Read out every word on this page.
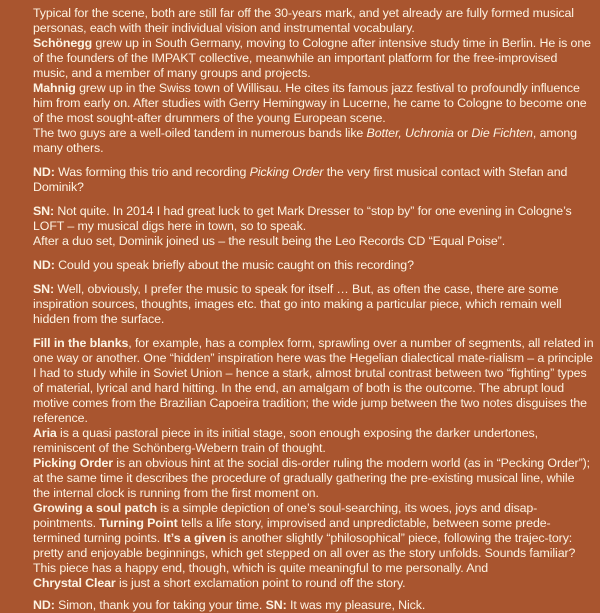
Typical for the scene, both are still far off the 30-years mark, and yet already are fully formed musical personas, each with their individual vision and instrumental vocabulary.
Schönegg grew up in South Germany, moving to Cologne after intensive study time in Berlin. He is one of the founders of the IMPAKT collective, meanwhile an important platform for the free-improvised music, and a member of many groups and projects.
Mahnig grew up in the Swiss town of Willisau. He cites its famous jazz festival to profoundly influence him from early on. After studies with Gerry Hemingway in Lucerne, he came to Cologne to become one of the most sought-after drummers of the young European scene.
The two guys are a well-oiled tandem in numerous bands like Botter, Uchronia or Die Fichten, among many others.

ND: Was forming this trio and recording Picking Order the very first musical contact with Stefan and Dominik?

SN: Not quite. In 2014 I had great luck to get Mark Dresser to “stop by” for one evening in Cologne’s LOFT – my musical digs here in town, so to speak.
After a duo set, Dominik joined us – the result being the Leo Records CD “Equal Poise”.

ND: Could you speak briefly about the music caught on this recording?

SN: Well, obviously, I prefer the music to speak for itself … But, as often the case, there are some inspiration sources, thoughts, images etc. that go into making a particular piece, which remain well hidden from the surface.

Fill in the blanks, for example, has a complex form, sprawling over a number of segments, all related in one way or another. One “hidden” inspiration here was the Hegelian dialectical mate-rialism – a principle I had to study while in Soviet Union – hence a stark, almost brutal contrast between two “fighting” types of material, lyrical and hard hitting. In the end, an amalgam of both is the outcome. The abrupt loud motive comes from the Brazilian Capoeira tradition; the wide jump between the two notes disguises the reference.
Aria is a quasi pastoral piece in its initial stage, soon enough exposing the darker undertones, reminiscent of the Schönberg-Webern train of thought.
Picking Order is an obvious hint at the social dis-order ruling the modern world (as in “Pecking Order”); at the same time it describes the procedure of gradually gathering the pre-existing musical line, while the internal clock is running from the first moment on.
Growing a soul patch is a simple depiction of one’s soul-searching, its woes, joys and disap-pointments. Turning Point tells a life story, improvised and unpredictable, between some prede-termined turning points. It’s a given is another slightly “philosophical” piece, following the trajec-tory: pretty and enjoyable beginnings, which get stepped on all over as the story unfolds. Sounds familiar? This piece has a happy end, though, which is quite meaningful to me personally. And
Chrystal Clear is just a short exclamation point to round off the story.

ND: Simon, thank you for taking your time. SN: It was my pleasure, Nick.
